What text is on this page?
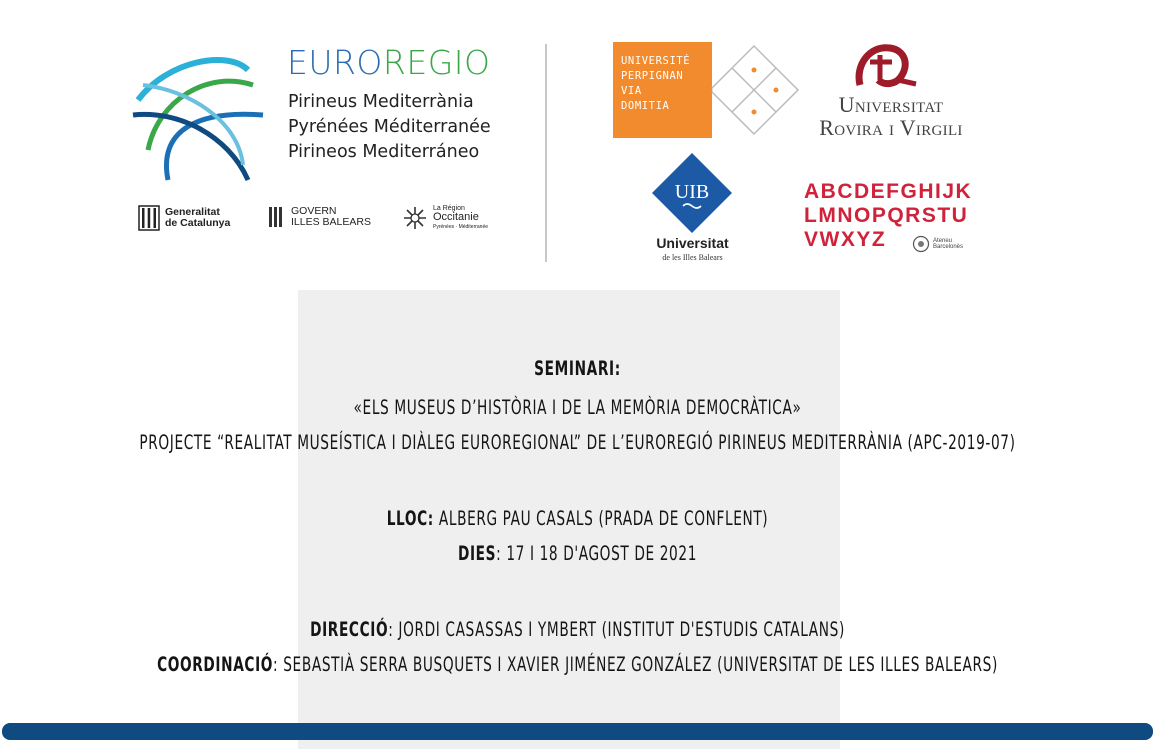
EUROREGIO
Pirineus Mediterrània
Pyrénées Méditerranée
Pirineos Mediterráneo
Generalitat
de Catalunya
GOVERN
ILLES BALEARS
La Région
Occitanie
Pyrénées · Méditerranée
UNIVERSITÉ
PERPIGNAN
VIA
DOMITIA	Universitat
Rovira i Virgili
UIB
Universitat
de les Illes Balears
ABCDEFGHIJK
LMNOPQRSTU
VWXYZ	Ateneu
Barcelonès
SEMINARI:
«ELS MUSEUS D’HISTÒRIA I DE LA MEMÒRIA DEMOCRÀTICA»
PROJECTE “REALITAT MUSEÍSTICA I DIÀLEG EUROREGIONAL” DE L’EUROREGIÓ PIRINEUS MEDITERRÀNIA (APC-2019-07)
LLOC: ALBERG PAU CASALS (PRADA DE CONFLENT)
DIES: 17 I 18 D'AGOST DE 2021
DIRECCIÓ: JORDI CASASSAS I YMBERT (INSTITUT D'ESTUDIS CATALANS)
COORDINACIÓ: SEBASTIÀ SERRA BUSQUETS I XAVIER JIMÉNEZ GONZÁLEZ (UNIVERSITAT DE LES ILLES BALEARS)
